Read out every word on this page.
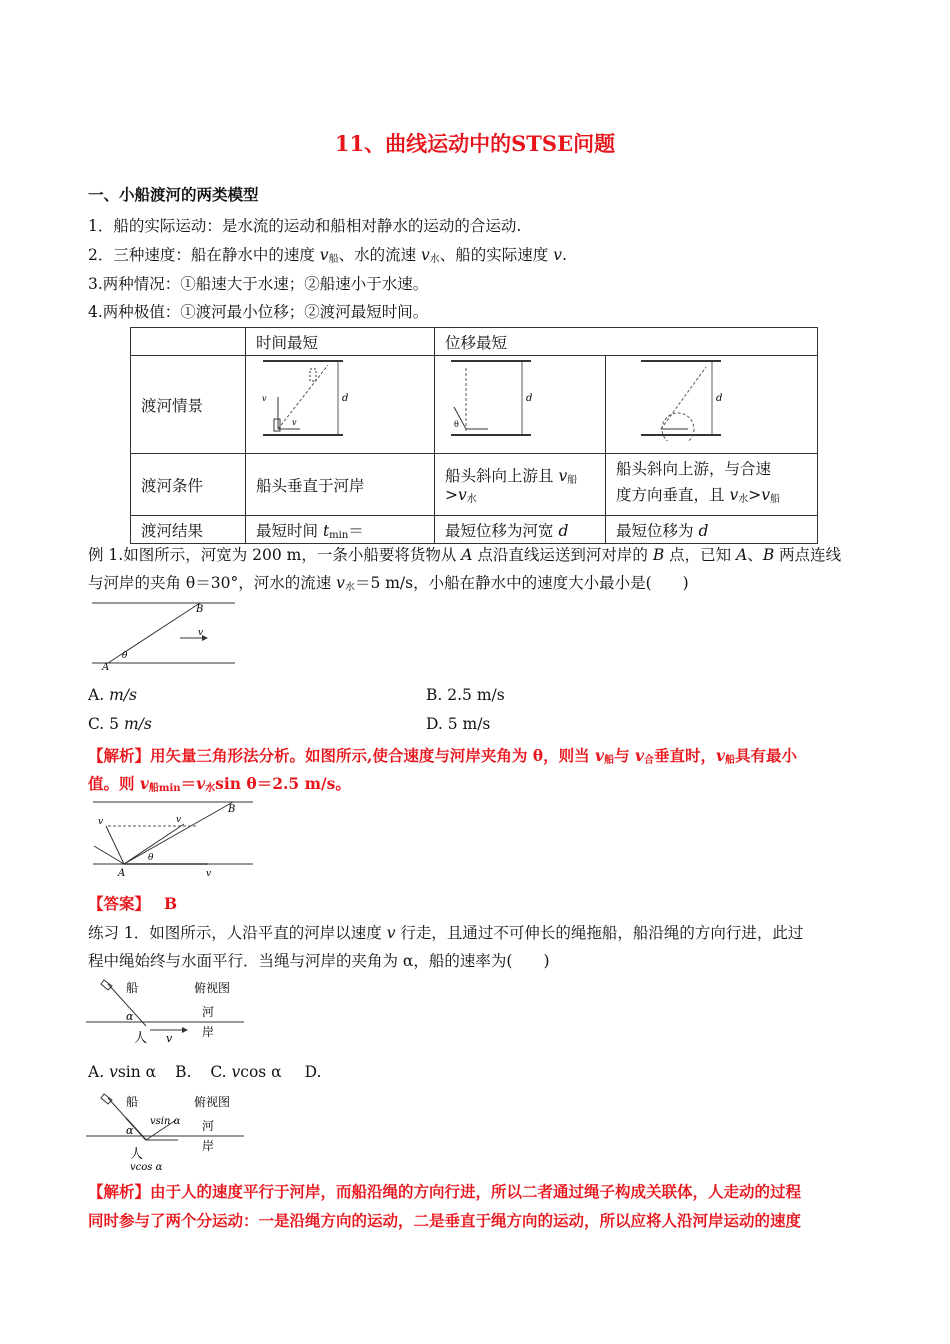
11、曲线运动中的STSE问题
一、小船渡河的两类模型
1．船的实际运动：是水流的运动和船相对静水的运动的合运动.
2．三种速度：船在静水中的速度 $v_船$、水的流速 $v_水$、船的实际速度 v.
3.两种情况：①船速大于水速；②船速小于水速。
4.两种极值：①渡河最小位移；②渡河最短时间。
	时间最短	位移最短	
渡河情景			
渡河条件	船头垂直于河岸	船头斜向上游且 $v_船>v_水$	船头斜向上游，与合速
度方向垂直，且 $v_水>v_船$
渡河结果	最短时间 $t_{min}=$	最短位移为河宽 d	最短位移为 d
d
v
v
d
θ
d
例 1.如图所示，河宽为 200 m，一条小船要将货物从 A 点沿直线运送到河对岸的 B 点，已知 A、B 两点连线
与河岸的夹角 θ＝30°，河水的流速 $v_水=5$ m/s，小船在静水中的速度大小最小是(　　)
A
B
θ
v
A. m/s	B. 2.5 m/s
C. 5 m/s	D. 5 m/s
【解析】用矢量三角形法分析。如图所示,使合速度与河岸夹角为 θ，则当 $v_船$与 $v_合$垂直时，$v_船$具有最小
值。则 $v_{船min}=v_水\sin$ θ＝2.5 m/s。
A
B
θ
v
v	v
【答案】 B
练习 1．如图所示，人沿平直的河岸以速度 v 行走，且通过不可伸长的绳拖船，船沿绳的方向行进，此过
程中绳始终与水面平行．当绳与河岸的夹角为 α，船的速率为(　　)
船	俯视图
河
岸
人
α
v
A. vsin α B. C. vcos α D.
船	俯视图
河
岸
人
α
vsin α
vcos α
【解析】由于人的速度平行于河岸，而船沿绳的方向行进，所以二者通过绳子构成关联体，人走动的过程
同时参与了两个分运动：一是沿绳方向的运动，二是垂直于绳方向的运动，所以应将人沿河岸运动的速度
